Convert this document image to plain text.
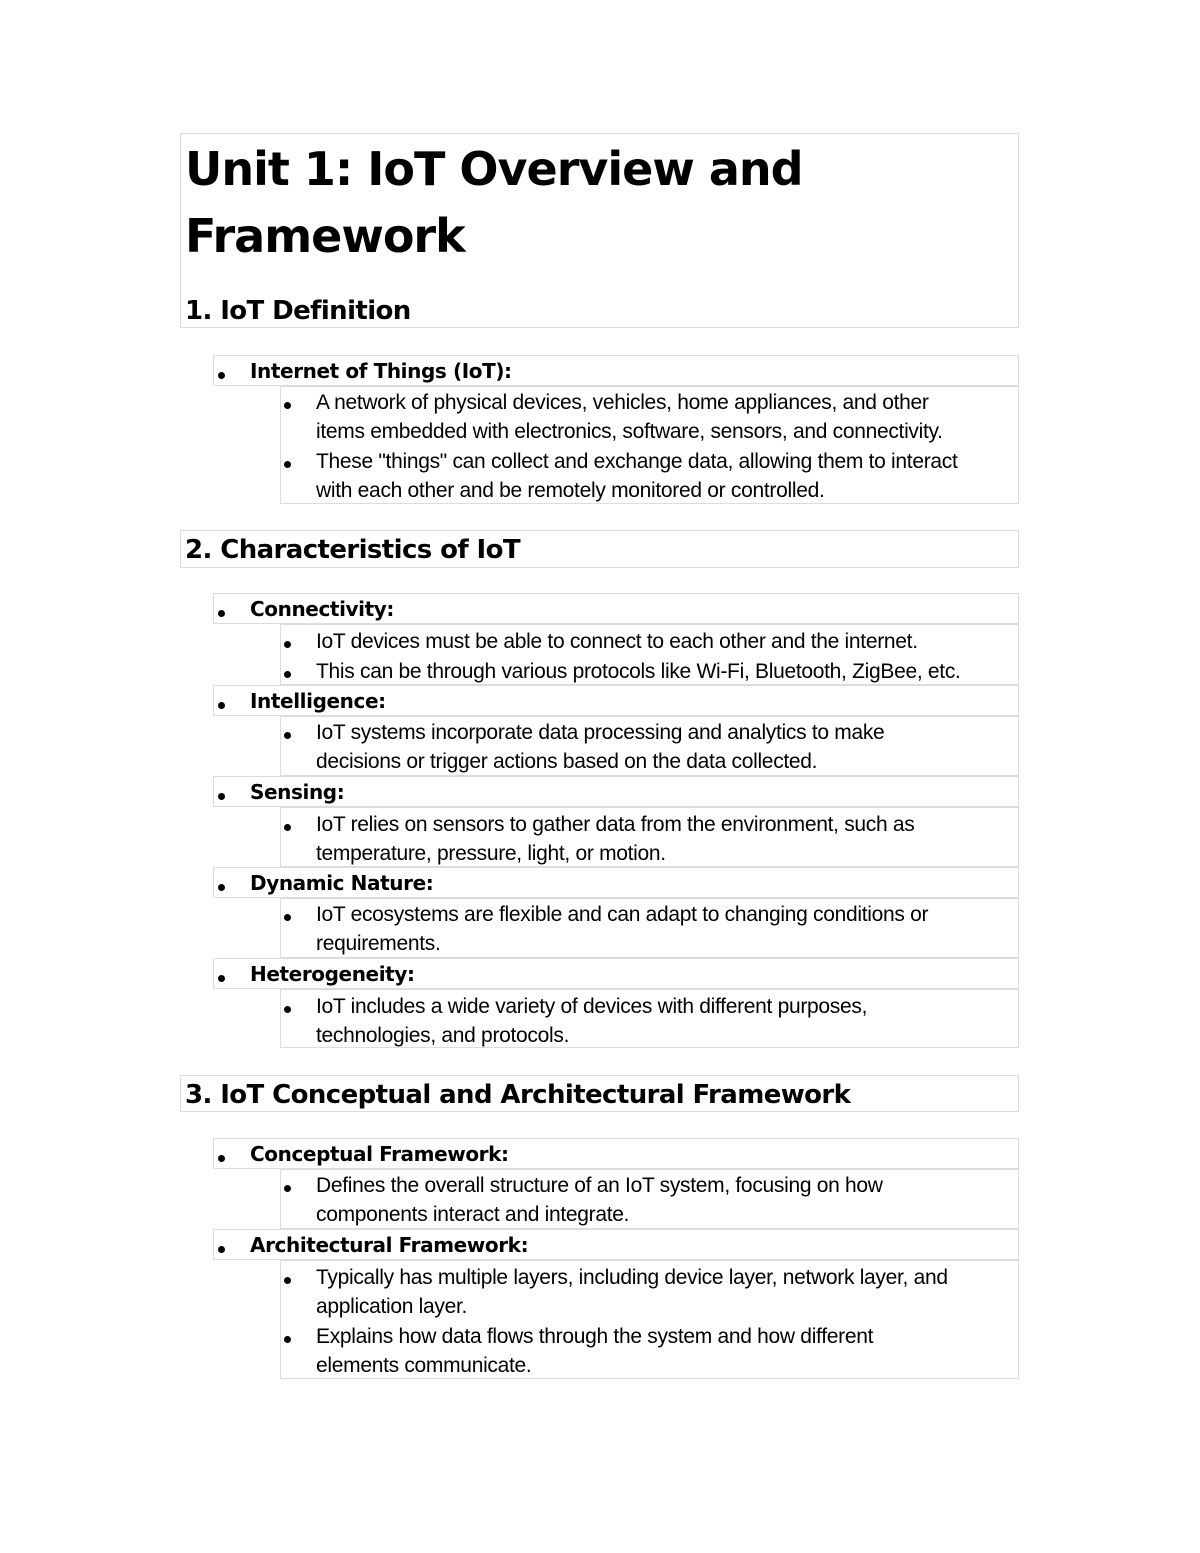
Unit 1: IoT Overview and
Framework
1. IoT Definition
Internet of Things (IoT):
A network of physical devices, vehicles, home appliances, and other
items embedded with electronics, software, sensors, and connectivity.
These "things" can collect and exchange data, allowing them to interact
with each other and be remotely monitored or controlled.
2. Characteristics of IoT
Connectivity:
IoT devices must be able to connect to each other and the internet.
This can be through various protocols like Wi-Fi, Bluetooth, ZigBee, etc.
Intelligence:
IoT systems incorporate data processing and analytics to make
decisions or trigger actions based on the data collected.
Sensing:
IoT relies on sensors to gather data from the environment, such as
temperature, pressure, light, or motion.
Dynamic Nature:
IoT ecosystems are flexible and can adapt to changing conditions or
requirements.
Heterogeneity:
IoT includes a wide variety of devices with different purposes,
technologies, and protocols.
3. IoT Conceptual and Architectural Framework
Conceptual Framework:
Defines the overall structure of an IoT system, focusing on how
components interact and integrate.
Architectural Framework:
Typically has multiple layers, including device layer, network layer, and
application layer.
Explains how data flows through the system and how different
elements communicate.
